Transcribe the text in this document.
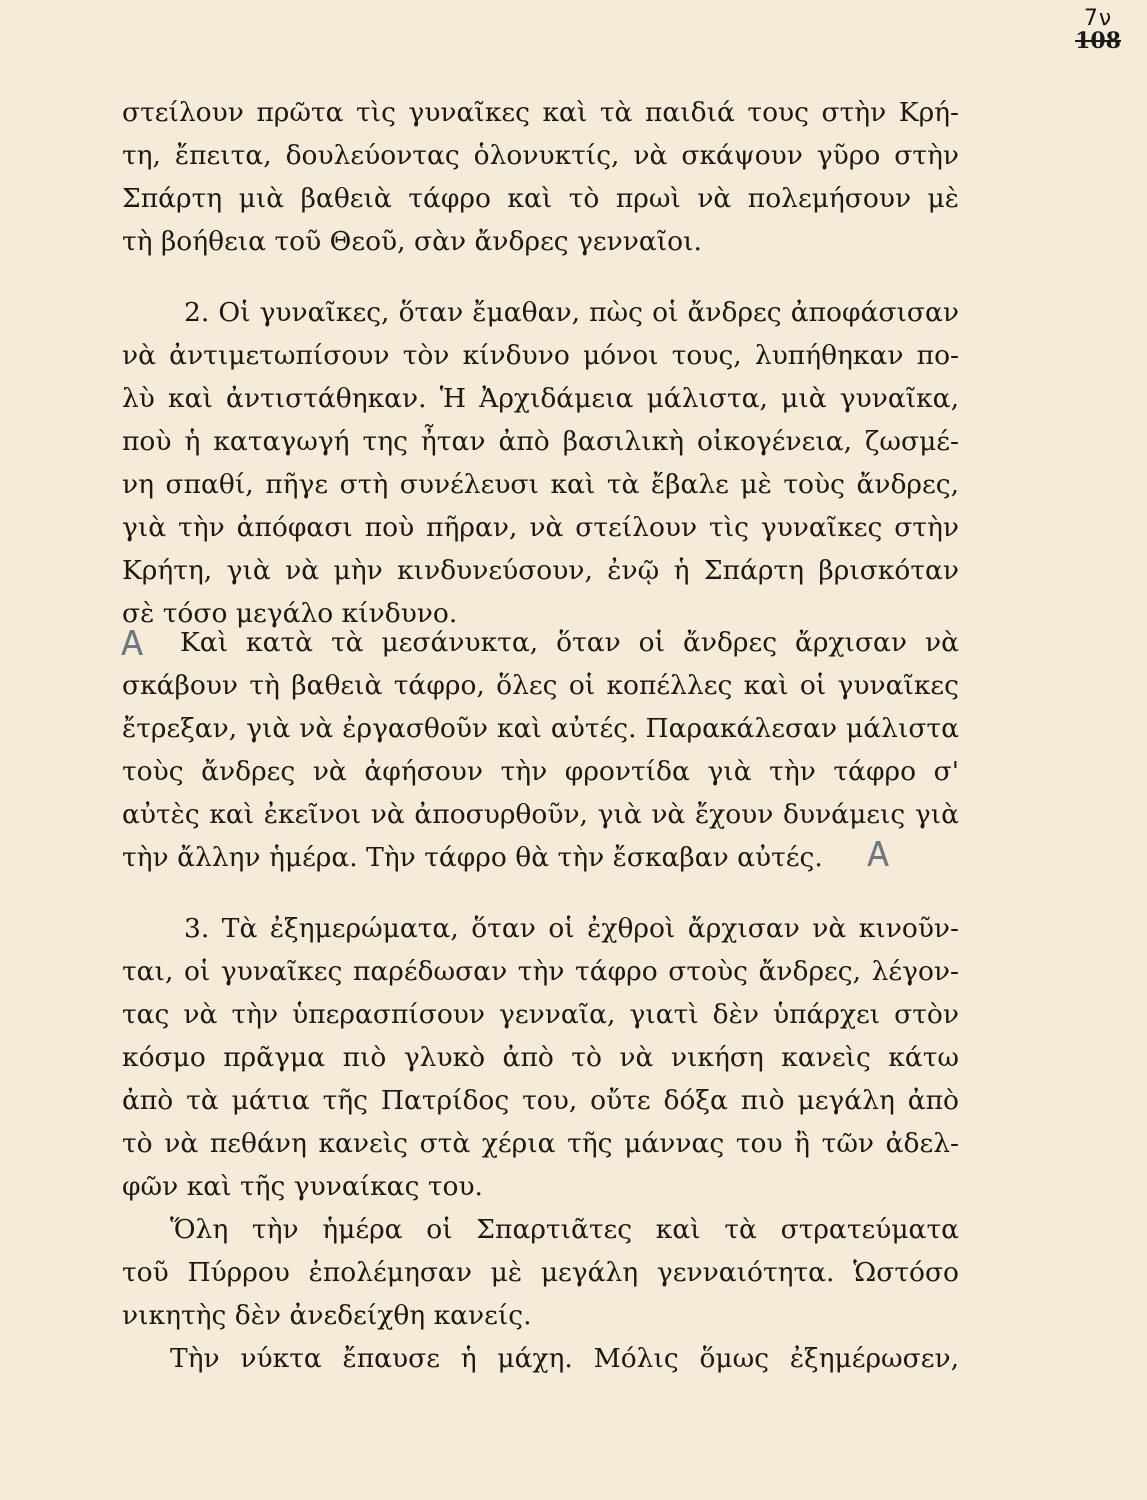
7ν
108
στείλουν πρῶτα τὶς γυναῖκες καὶ τὰ παιδιά τους στὴν Κρή-
τη, ἔπειτα, δουλεύοντας ὁλονυκτίς, νὰ σκάψουν γῦρο στὴν
Σπάρτη μιὰ βαθειὰ τάφρο καὶ τὸ πρωὶ νὰ πολεμήσουν μὲ
τὴ βοήθεια τοῦ Θεοῦ, σὰν ἄνδρες γενναῖοι.
2. Οἱ γυναῖκες, ὅταν ἔμαθαν, πὼς οἱ ἄνδρες ἀποφάσισαν
νὰ ἀντιμετωπίσουν τὸν κίνδυνο μόνοι τους, λυπήθηκαν πο-
λὺ καὶ ἀντιστάθηκαν. Ἡ Ἀρχιδάμεια μάλιστα, μιὰ γυναῖκα,
ποὺ ἡ καταγωγή της ἦταν ἀπὸ βασιλικὴ οἰκογένεια, ζωσμέ-
νη σπαθί, πῆγε στὴ συνέλευσι καὶ τὰ ἔβαλε μὲ τοὺς ἄνδρες,
γιὰ τὴν ἀπόφασι ποὺ πῆραν, νὰ στείλουν τὶς γυναῖκες στὴν
Κρήτη, γιὰ νὰ μὴν κινδυνεύσουν, ἐνῷ ἡ Σπάρτη βρισκόταν
σὲ τόσο μεγάλο κίνδυνο.
Ꭺ Καὶ κατὰ τὰ μεσάνυκτα, ὅταν οἱ ἄνδρες ἄρχισαν νὰ
σκάβουν τὴ βαθειὰ τάφρο, ὅλες οἱ κοπέλλες καὶ οἱ γυναῖκες
ἔτρεξαν, γιὰ νὰ ἐργασθοῦν καὶ αὐτές. Παρακάλεσαν μάλιστα
τοὺς ἄνδρες νὰ ἀφήσουν τὴν φροντίδα γιὰ τὴν τάφρο σ'
αὐτὲς καὶ ἐκεῖνοι νὰ ἀποσυρθοῦν, γιὰ νὰ ἔχουν δυνάμεις γιὰ
τὴν ἄλλην ἡμέρα. Τὴν τάφρο θὰ τὴν ἔσκαβαν αὐτές.	Ꭺ
3. Τὰ ἐξημερώματα, ὅταν οἱ ἐχθροὶ ἄρχισαν νὰ κινοῦν-
ται, οἱ γυναῖκες παρέδωσαν τὴν τάφρο στοὺς ἄνδρες, λέγον-
τας νὰ τὴν ὑπερασπίσουν γενναῖα, γιατὶ δὲν ὑπάρχει στὸν
κόσμο πρᾶγμα πιὸ γλυκὸ ἀπὸ τὸ νὰ νικήση κανεὶς κάτω
ἀπὸ τὰ μάτια τῆς Πατρίδος του, οὔτε δόξα πιὸ μεγάλη ἀπὸ
τὸ νὰ πεθάνη κανεὶς στὰ χέρια τῆς μάννας του ἢ τῶν ἀδελ-
φῶν καὶ τῆς γυναίκας του.
Ὅλη τὴν ἡμέρα οἱ Σπαρτιᾶτες καὶ τὰ στρατεύματα
τοῦ Πύρρου ἐπολέμησαν μὲ μεγάλη γενναιότητα. Ὡστόσο
νικητὴς δὲν ἀνεδείχθη κανείς.
Τὴν νύκτα ἔπαυσε ἡ μάχη. Μόλις ὅμως ἐξημέρωσεν,
